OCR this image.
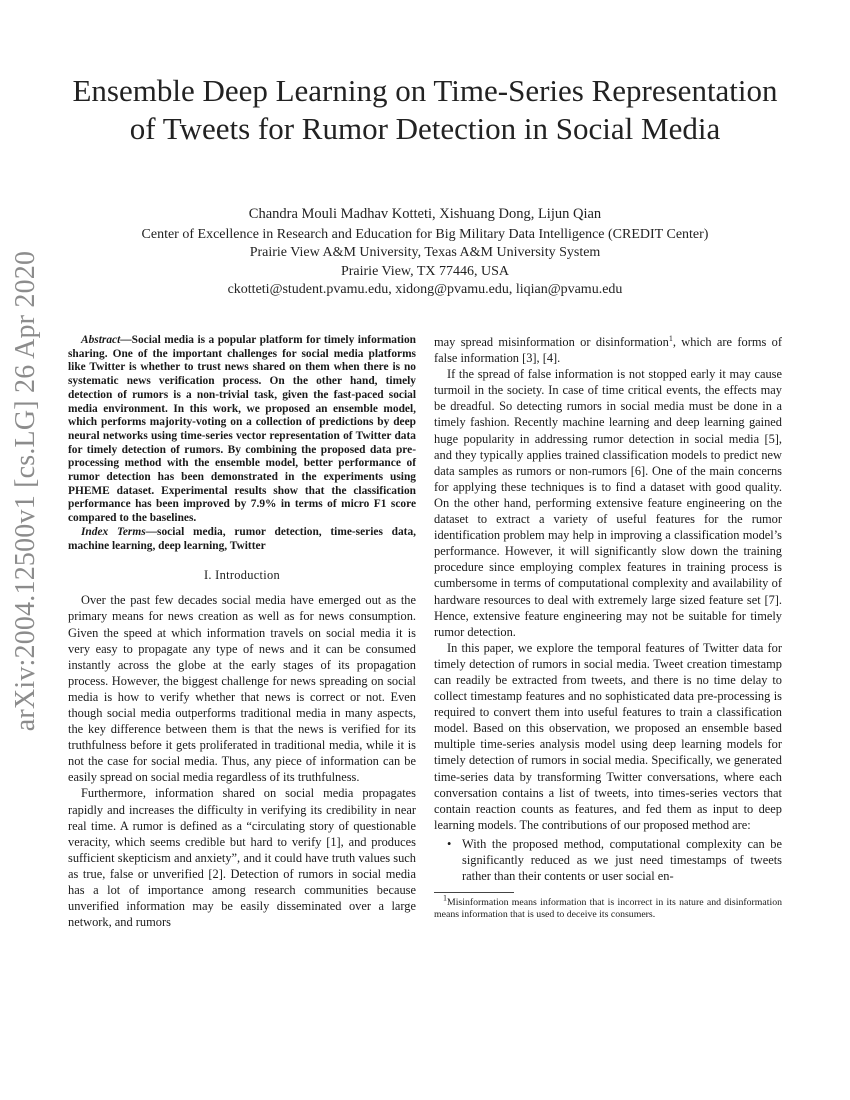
Ensemble Deep Learning on Time-Series Representation of Tweets for Rumor Detection in Social Media
Chandra Mouli Madhav Kotteti, Xishuang Dong, Lijun Qian
Center of Excellence in Research and Education for Big Military Data Intelligence (CREDIT Center)
Prairie View A&M University, Texas A&M University System
Prairie View, TX 77446, USA
ckotteti@student.pvamu.edu, xidong@pvamu.edu, liqian@pvamu.edu
arXiv:2004.12500v1 [cs.LG] 26 Apr 2020	Abstract—Social media is a popular platform for timely information sharing. One of the important challenges for social media platforms like Twitter is whether to trust news shared on them when there is no systematic news verification process. On the other hand, timely detection of rumors is a non-trivial task, given the fast-paced social media environment. In this work, we proposed an ensemble model, which performs majority-voting on a collection of predictions by deep neural networks using time-series vector representation of Twitter data for timely detection of rumors. By combining the proposed data pre-processing method with the ensemble model, better performance of rumor detection has been demonstrated in the experiments using PHEME dataset. Experimental results show that the classification performance has been improved by 7.9% in terms of micro F1 score compared to the baselines.

Index Terms—social media, rumor detection, time-series data, machine learning, deep learning, Twitter

I. Introduction

Over the past few decades social media have emerged out as the primary means for news creation as well as for news consumption. Given the speed at which information travels on social media it is very easy to propagate any type of news and it can be consumed instantly across the globe at the early stages of its propagation process. However, the biggest challenge for news spreading on social media is how to verify whether that news is correct or not. Even though social media outperforms traditional media in many aspects, the key difference between them is that the news is verified for its truthfulness before it gets proliferated in traditional media, while it is not the case for social media. Thus, any piece of information can be easily spread on social media regardless of its truthfulness.

Furthermore, information shared on social media propagates rapidly and increases the difficulty in verifying its credibility in near real time. A rumor is defined as a “circulating story of questionable veracity, which seems credible but hard to verify [1], and produces sufficient skepticism and anxiety”, and it could have truth values such as true, false or unverified [2]. Detection of rumors in social media has a lot of importance among research communities because unverified information may be easily disseminated over a large network, and rumors

may spread misinformation or disinformation$^1$, which are forms of false information [3], [4].

If the spread of false information is not stopped early it may cause turmoil in the society. In case of time critical events, the effects may be dreadful. So detecting rumors in social media must be done in a timely fashion. Recently machine learning and deep learning gained huge popularity in addressing rumor detection in social media [5], and they typically applies trained classification models to predict new data samples as rumors or non-rumors [6]. One of the main concerns for applying these techniques is to find a dataset with good quality. On the other hand, performing extensive feature engineering on the dataset to extract a variety of useful features for the rumor identification problem may help in improving a classification model’s performance. However, it will significantly slow down the training procedure since employing complex features in training process is cumbersome in terms of computational complexity and availability of hardware resources to deal with extremely large sized feature set [7]. Hence, extensive feature engineering may not be suitable for timely rumor detection.

In this paper, we explore the temporal features of Twitter data for timely detection of rumors in social media. Tweet creation timestamp can readily be extracted from tweets, and there is no time delay to collect timestamp features and no sophisticated data pre-processing is required to convert them into useful features to train a classification model. Based on this observation, we proposed an ensemble based multiple time-series analysis model using deep learning models for timely detection of rumors in social media. Specifically, we generated time-series data by transforming Twitter conversations, where each conversation contains a list of tweets, into times-series vectors that contain reaction counts as features, and fed them as input to deep learning models. The contributions of our proposed method are:

• With the proposed method, computational complexity can be significantly reduced as we just need timestamps of tweets rather than their contents or user social en-

$^1$Misinformation means information that is incorrect in its nature and disinformation means information that is used to deceive its consumers.
